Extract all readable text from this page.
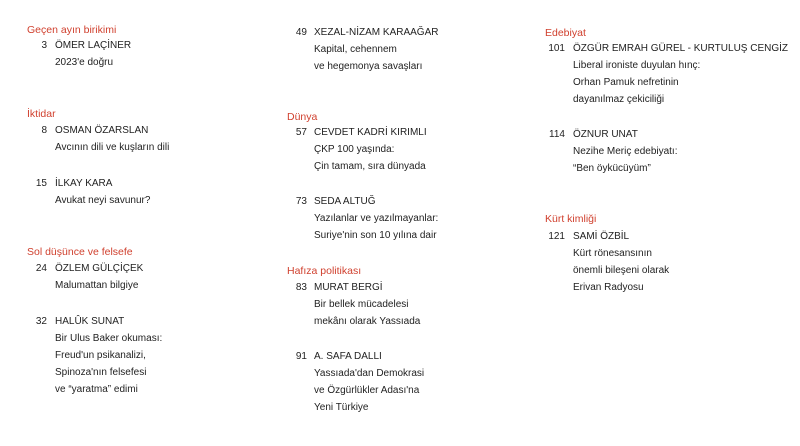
Geçen ayın birikimi
3 ÖMER LAÇİNER
2023'e doğru
İktidar
8 OSMAN ÖZARSLAN
Avcının dili ve kuşların dili
15 İLKAY KARA
Avukat neyi savunur?
Sol düşünce ve felsefe
24 ÖZLEM GÜLÇİÇEK
Malumattan bilgiye
32 HALÛK SUNAT
Bir Ulus Baker okuması:
Freud'un psikanalizi,
Spinoza'nın felsefesi
ve “yaratma” edimi
49 XEZAL-NİZAM KARAAĞAR
Kapital, cehennem
ve hegemonya savaşları
Dünya
57 CEVDET KADRİ KIRIMLI
ÇKP 100 yaşında:
Çin tamam, sıra dünyada
73 SEDA ALTUĞ
Yazılanlar ve yazılmayanlar:
Suriye'nin son 10 yılına dair
Hafıza politikası
83 MURAT BERGİ
Bir bellek mücadelesi
mekânı olarak Yassıada
91 A. SAFA DALLI
Yassıada'dan Demokrasi
ve Özgürlükler Adası'na
Yeni Türkiye
Edebiyat
101 ÖZGÜR EMRAH GÜREL - KURTULUŞ CENGİZ
Liberal ironiste duyulan hınç:
Orhan Pamuk nefretinin
dayanılmaz çekiciliği
114 ÖZNUR UNAT
Nezihe Meriç edebiyatı:
“Ben öykücüyüm”
Kürt kimliği
121 SAMİ ÖZBİL
Kürt rönesansının
önemli bileşeni olarak
Erivan Radyosu
